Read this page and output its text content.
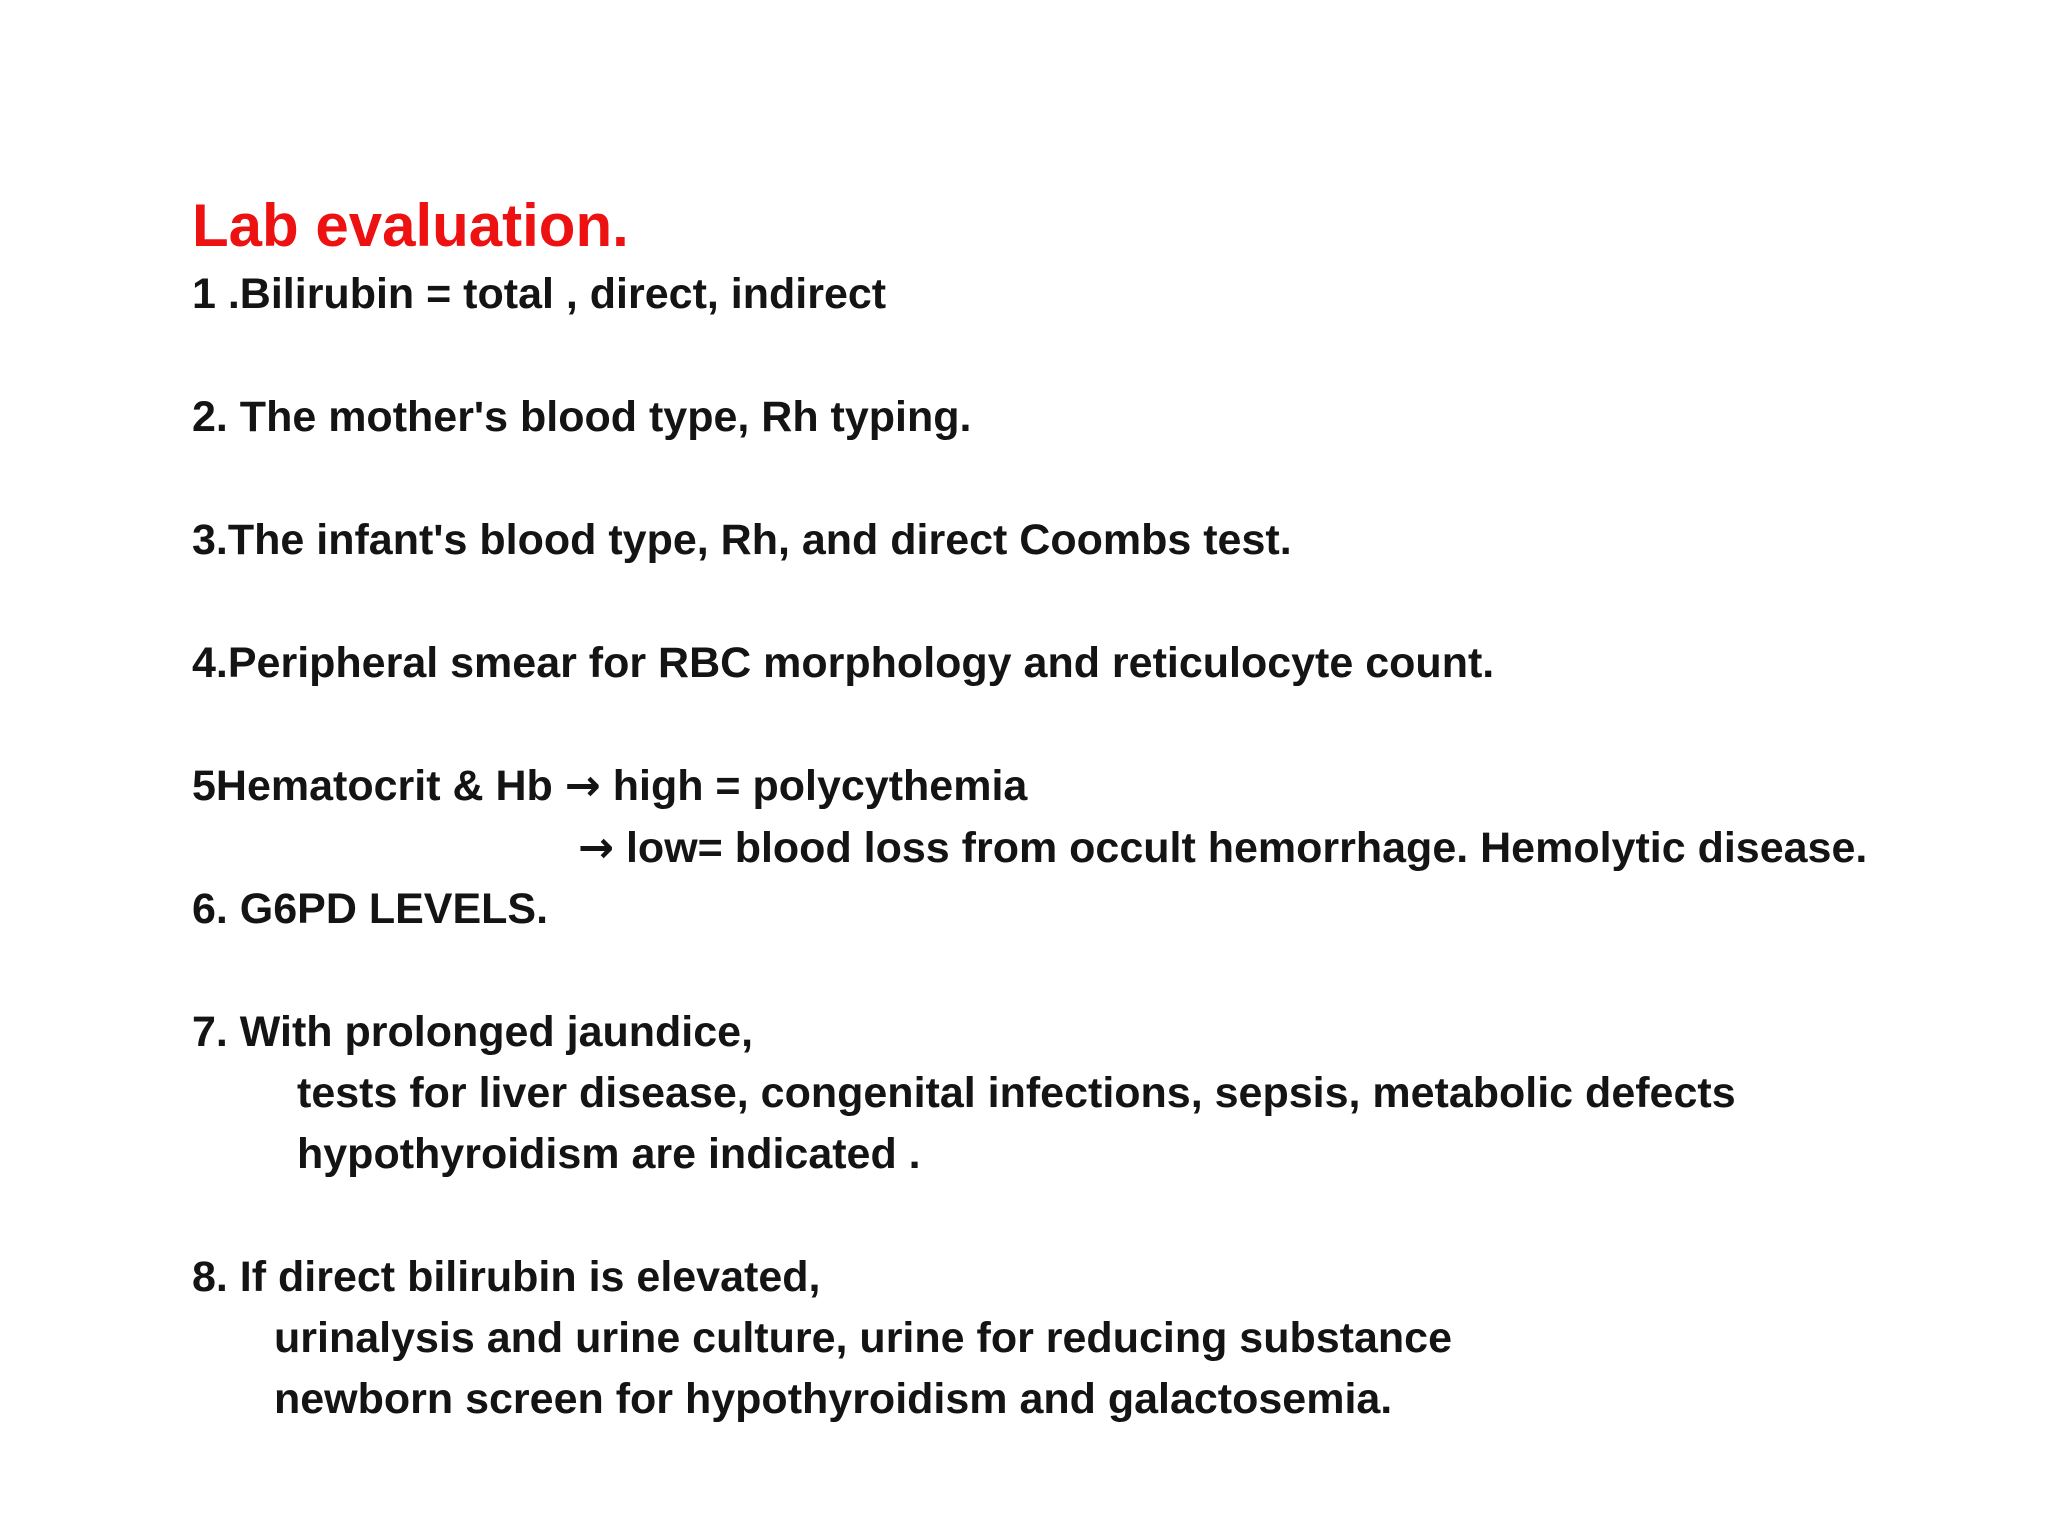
Lab evaluation.
1 .Bilirubin = total , direct, indirect
2. The mother's blood type, Rh typing.
3.The infant's blood type, Rh, and direct Coombs test.
4.Peripheral smear for RBC morphology and reticulocyte count.
5Hematocrit & Hb → high = polycythemia
→ low= blood loss from occult hemorrhage. Hemolytic disease.
6. G6PD LEVELS.
7. With prolonged jaundice,
tests for liver disease, congenital infections, sepsis, metabolic defects
hypothyroidism are indicated .
8. If direct bilirubin is elevated,
urinalysis and urine culture, urine for reducing substance
newborn screen for hypothyroidism and galactosemia.
